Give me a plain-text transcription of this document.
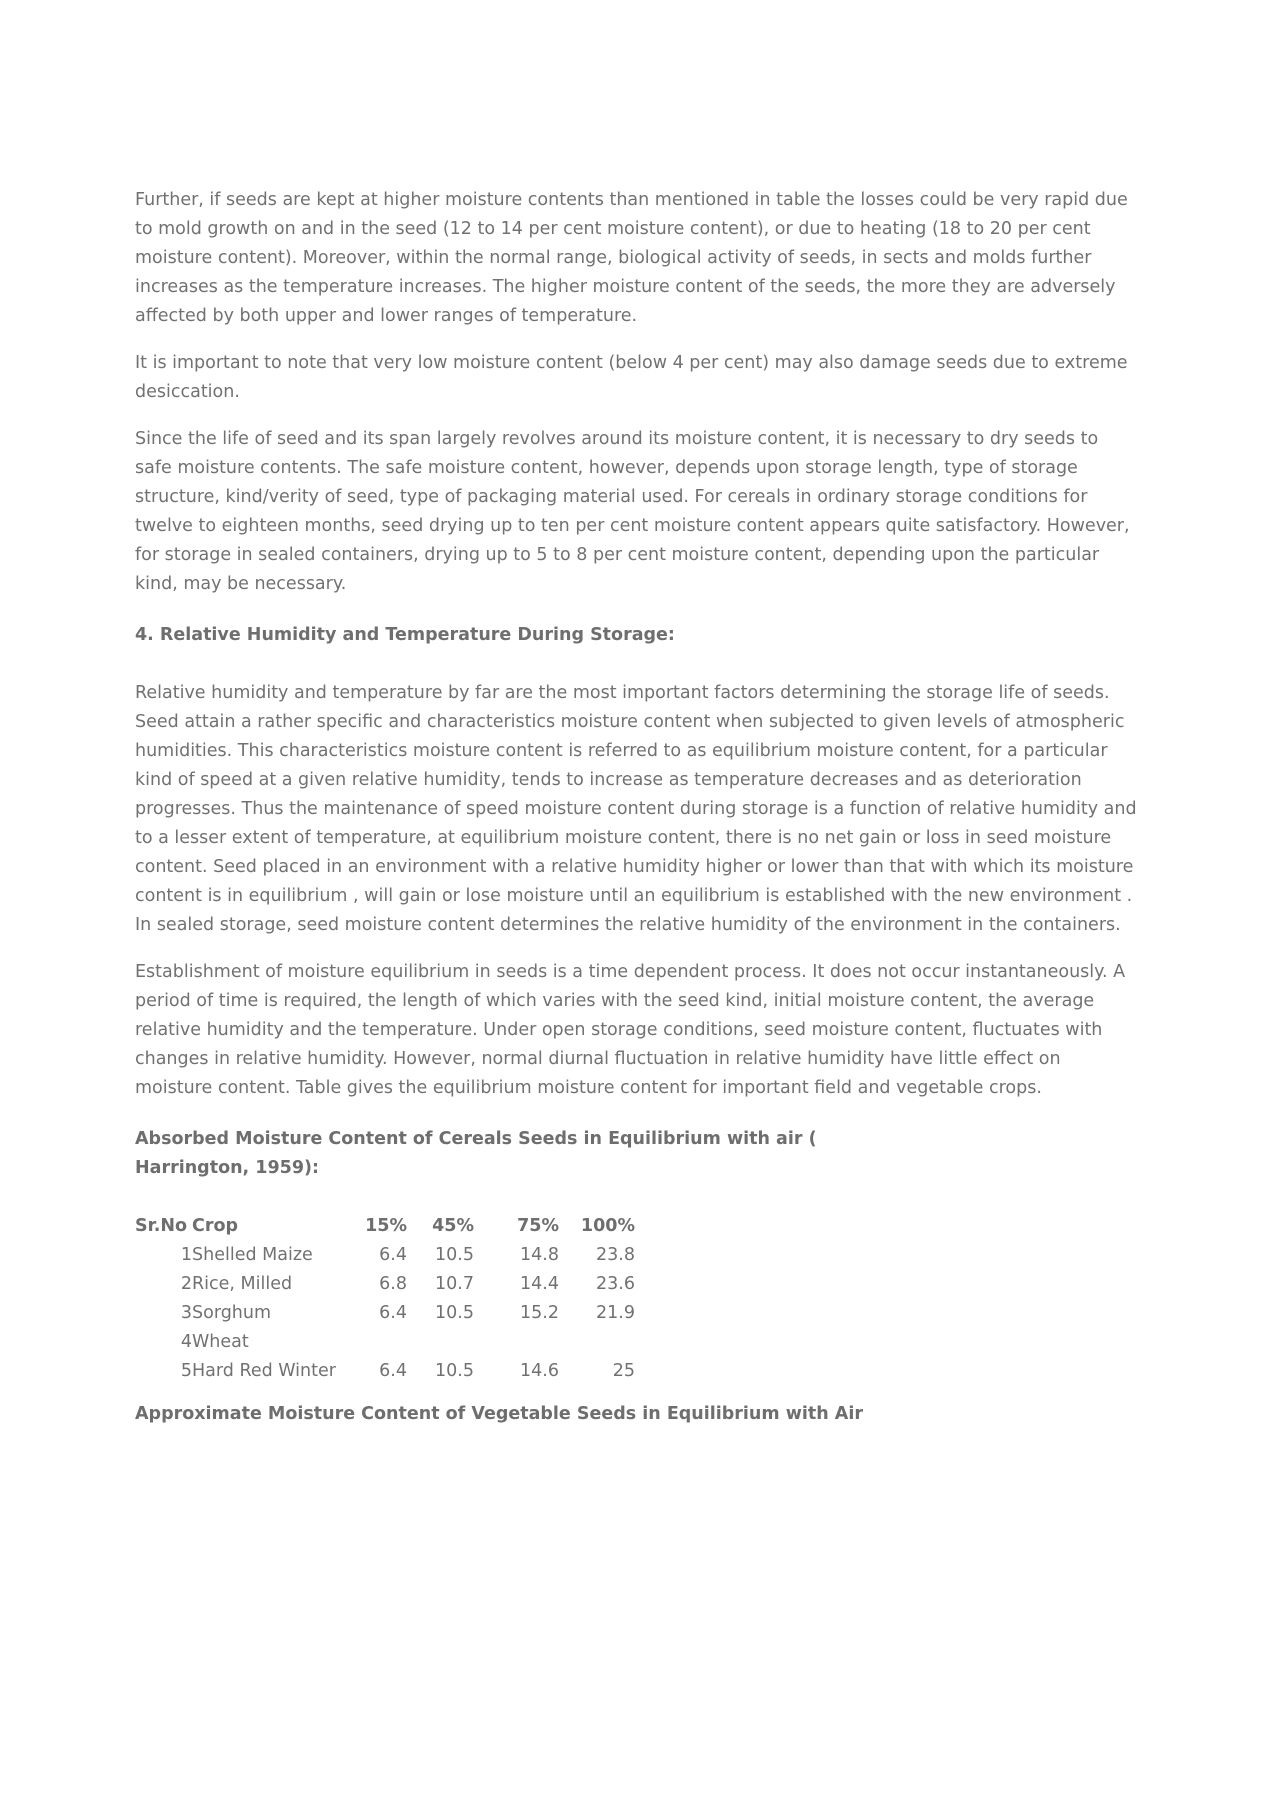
Further, if seeds are kept at higher moisture contents than mentioned in table the losses could be very rapid due to mold growth on and in the seed (12 to 14 per cent moisture content), or due to heating (18 to 20 per cent moisture content). Moreover, within the normal range, biological activity of seeds, in sects and molds further increases as the temperature increases. The higher moisture content of the seeds, the more they are adversely affected by both upper and lower ranges of temperature.

It is important to note that very low moisture content (below 4 per cent) may also damage seeds due to extreme desiccation.

Since the life of seed and its span largely revolves around its moisture content, it is necessary to dry seeds to safe moisture contents. The safe moisture content, however, depends upon storage length, type of storage structure, kind/verity of seed, type of packaging material used. For cereals in ordinary storage conditions for twelve to eighteen months, seed drying up to ten per cent moisture content appears quite satisfactory. However, for storage in sealed containers, drying up to 5 to 8 per cent moisture content, depending upon the particular kind, may be necessary.

4. Relative Humidity and Temperature During Storage:

Relative humidity and temperature by far are the most important factors determining the storage life of seeds. Seed attain a rather specific and characteristics moisture content when subjected to given levels of atmospheric humidities. This characteristics moisture content is referred to as equilibrium moisture content, for a particular kind of speed at a given relative humidity, tends to increase as temperature decreases and as deterioration progresses. Thus the maintenance of speed moisture content during storage is a function of relative humidity and to a lesser extent of temperature, at equilibrium moisture content, there is no net gain or loss in seed moisture content. Seed placed in an environment with a relative humidity higher or lower than that with which its moisture content is in equilibrium , will gain or lose moisture until an equilibrium is established with the new environment . In sealed storage, seed moisture content determines the relative humidity of the environment in the containers.

Establishment of moisture equilibrium in seeds is a time dependent process. It does not occur instantaneously. A period of time is required, the length of which varies with the seed kind, initial moisture content, the average relative humidity and the temperature. Under open storage conditions, seed moisture content, fluctuates with changes in relative humidity. However, normal diurnal fluctuation in relative humidity have little effect on moisture content. Table gives the equilibrium moisture content for important field and vegetable crops.

Absorbed Moisture Content of Cereals Seeds in Equilibrium with air (
Harrington, 1959):
Sr.No	Crop	15%	45%	75%	100%
1	Shelled Maize	6.4	10.5	14.8	23.8
2	Rice, Milled	6.8	10.7	14.4	23.6
3	Sorghum	6.4	10.5	15.2	21.9
4	Wheat				
5	Hard Red Winter	6.4	10.5	14.6	25
Approximate Moisture Content of Vegetable Seeds in Equilibrium with Air
